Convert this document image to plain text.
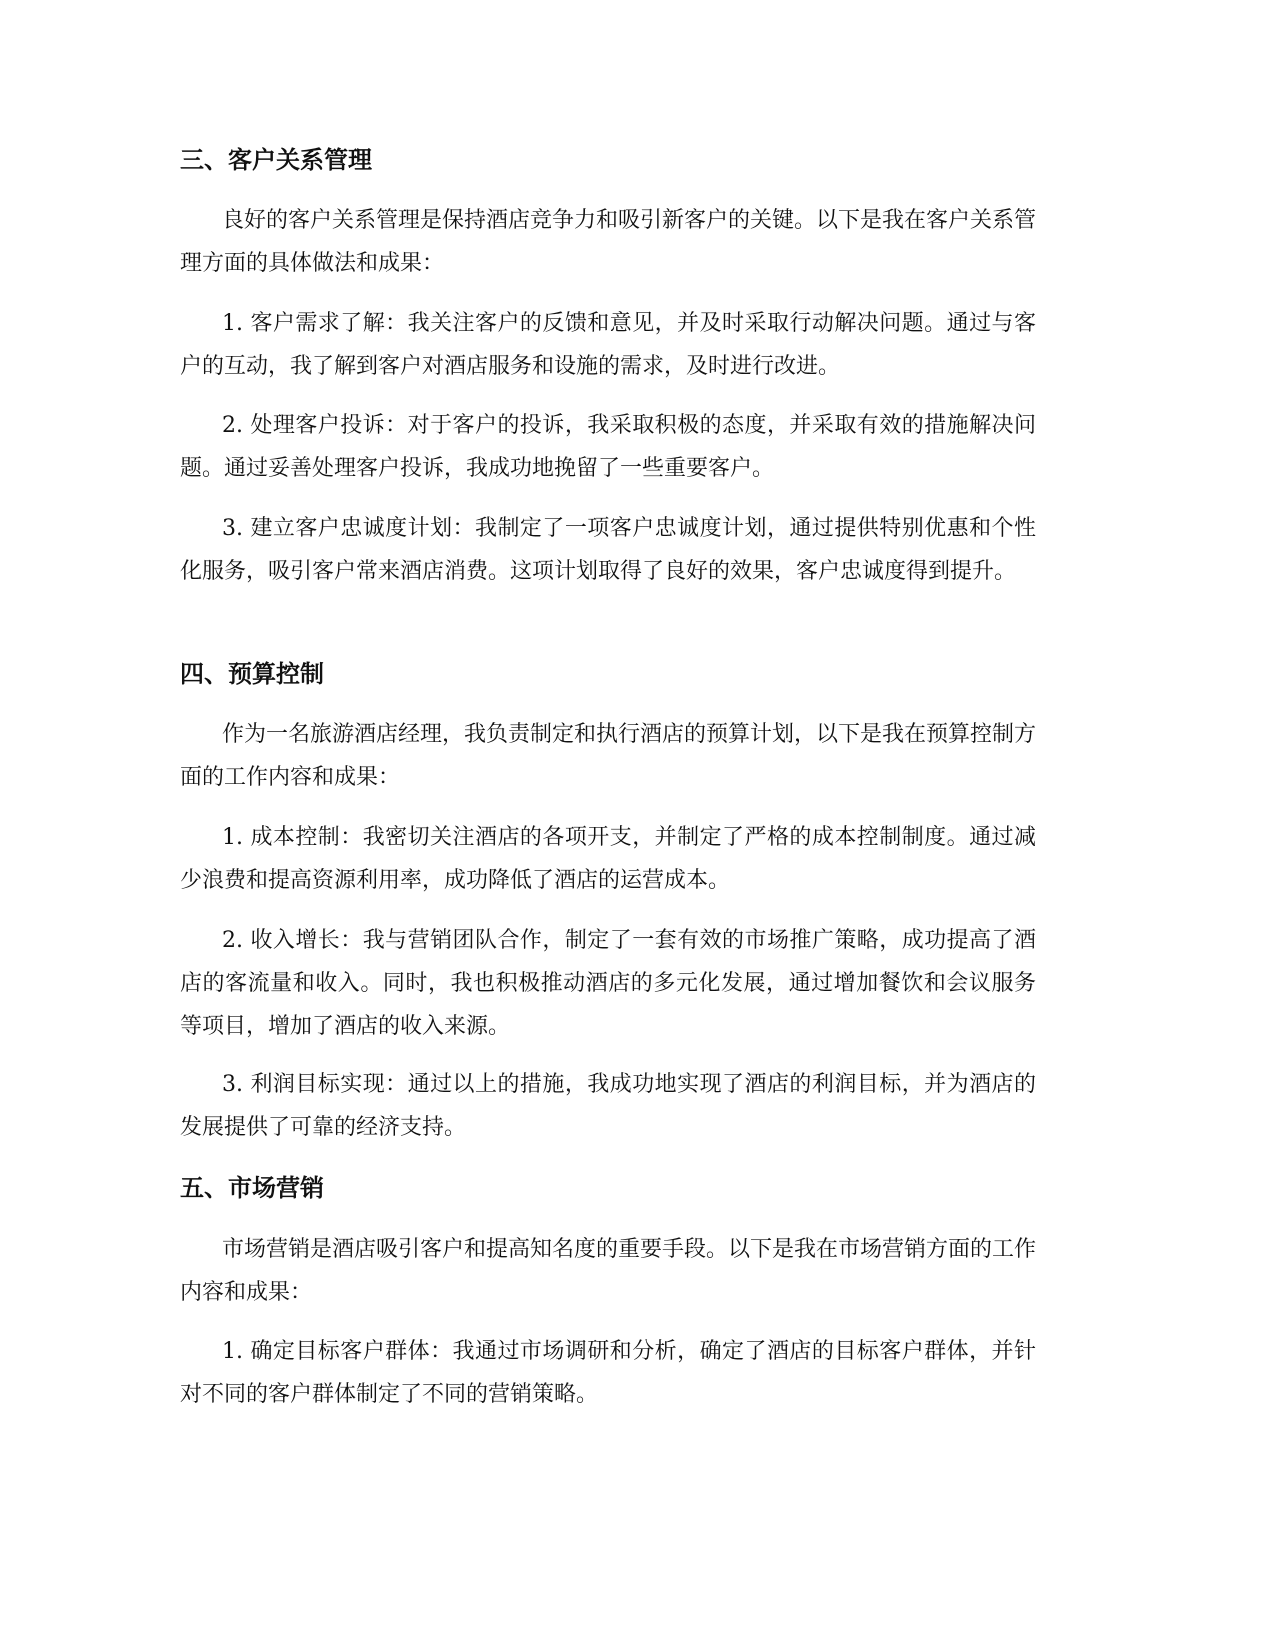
三、客户关系管理

良好的客户关系管理是保持酒店竞争力和吸引新客户的关键。以下是我在客户关系管理方面的具体做法和成果：

1. 客户需求了解：我关注客户的反馈和意见，并及时采取行动解决问题。通过与客户的互动，我了解到客户对酒店服务和设施的需求，及时进行改进。

2. 处理客户投诉：对于客户的投诉，我采取积极的态度，并采取有效的措施解决问题。通过妥善处理客户投诉，我成功地挽留了一些重要客户。

3. 建立客户忠诚度计划：我制定了一项客户忠诚度计划，通过提供特别优惠和个性化服务，吸引客户常来酒店消费。这项计划取得了良好的效果，客户忠诚度得到提升。

四、预算控制

作为一名旅游酒店经理，我负责制定和执行酒店的预算计划，以下是我在预算控制方面的工作内容和成果：

1. 成本控制：我密切关注酒店的各项开支，并制定了严格的成本控制制度。通过减少浪费和提高资源利用率，成功降低了酒店的运营成本。

2. 收入增长：我与营销团队合作，制定了一套有效的市场推广策略，成功提高了酒店的客流量和收入。同时，我也积极推动酒店的多元化发展，通过增加餐饮和会议服务等项目，增加了酒店的收入来源。

3. 利润目标实现：通过以上的措施，我成功地实现了酒店的利润目标，并为酒店的发展提供了可靠的经济支持。

五、市场营销

市场营销是酒店吸引客户和提高知名度的重要手段。以下是我在市场营销方面的工作内容和成果：

1. 确定目标客户群体：我通过市场调研和分析，确定了酒店的目标客户群体，并针对不同的客户群体制定了不同的营销策略。
